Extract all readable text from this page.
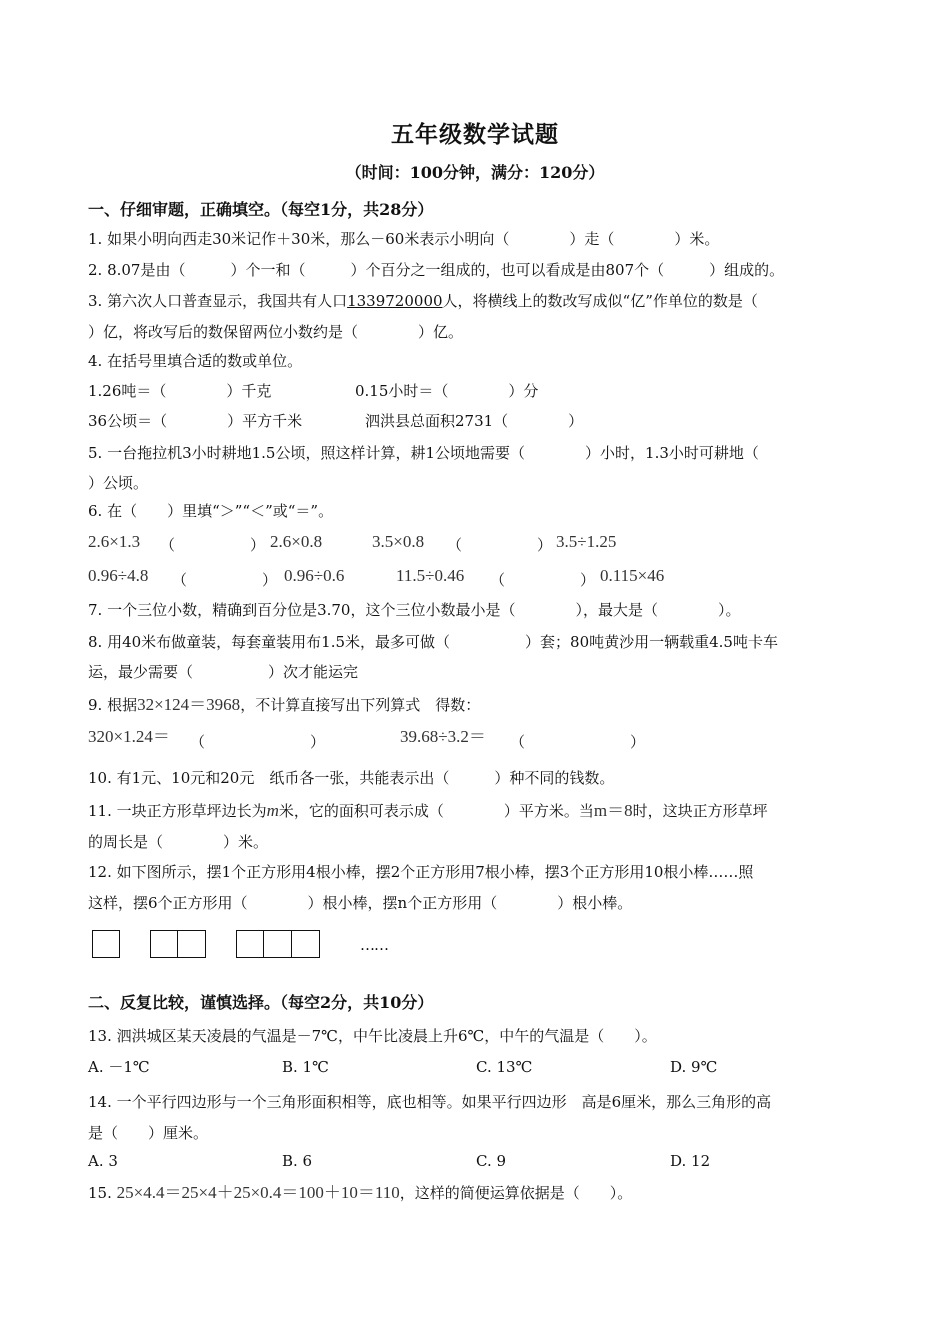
五年级数学试题
（时间：100分钟，满分：120分）
一、仔细审题，正确填空。（每空1分，共28分）
1. 如果小明向西走30米记作＋30米，那么－60米表示小明向（　　　　）走（　　　　）米。
2. 8.07是由（　　　）个一和（　　　）个百分之一组成的，也可以看成是由807个（　　　）组成的。
3. 第六次人口普查显示，我国共有人口1339720000人，将横线上的数改写成似“亿”作单位的数是（
）亿，将改写后的数保留两位小数约是（　　　　）亿。
4. 在括号里填合适的数或单位。
1.26吨＝（　　　　）千克	0.15小时＝（　　　　）分
36公顷＝（　　　　）平方千米	泗洪县总面积2731（　　　　）
5. 一台拖拉机3小时耕地1.5公顷，照这样计算，耕1公顷地需要（　　　　）小时，1.3小时可耕地（
）公顷。
6. 在（　　）里填“＞”“＜”或“＝”。
2.6×1.3 （　　　　　） 2.6×0.8	3.5×0.8 （　　　　　） 3.5÷1.25
0.96÷4.8 （　　　　　） 0.96÷0.6	11.5÷0.46 （　　　　　） 0.115×46
7. 一个三位小数，精确到百分位是3.70，这个三位小数最小是（　　　　），最大是（　　　　）。
8. 用40米布做童装，每套童装用布1.5米，最多可做（　　　　　）套；80吨黄沙用一辆载重4.5吨卡车
运，最少需要（　　　　　）次才能运完
9. 根据32×124＝3968，不计算直接写出下列算式　得数：
320×1.24＝ （　　　　　　　）	39.68÷3.2＝ （　　　　　　　）
10. 有1元、10元和20元　纸币各一张，共能表示出（　　　）种不同的钱数。
11. 一块正方形草坪边长为m米，它的面积可表示成（　　　　）平方米。当m＝8时，这块正方形草坪
的周长是（　　　　）米。
12. 如下图所示，摆1个正方形用4根小棒，摆2个正方形用7根小棒，摆3个正方形用10根小棒……照
这样，摆6个正方形用（　　　　）根小棒，摆n个正方形用（　　　　）根小棒。
……
二、反复比较，谨慎选择。（每空2分，共10分）
13. 泗洪城区某天凌晨的气温是－7℃，中午比凌晨上升6℃，中午的气温是（　　）。
A. －1℃	B. 1℃	C. 13℃	D. 9℃
14. 一个平行四边形与一个三角形面积相等，底也相等。如果平行四边形　高是6厘米，那么三角形的高
是（　　）厘米。
A. 3	B. 6	C. 9	D. 12
15. 25×4.4＝25×4＋25×0.4＝100＋10＝110，这样的简便运算依据是（　　）。
